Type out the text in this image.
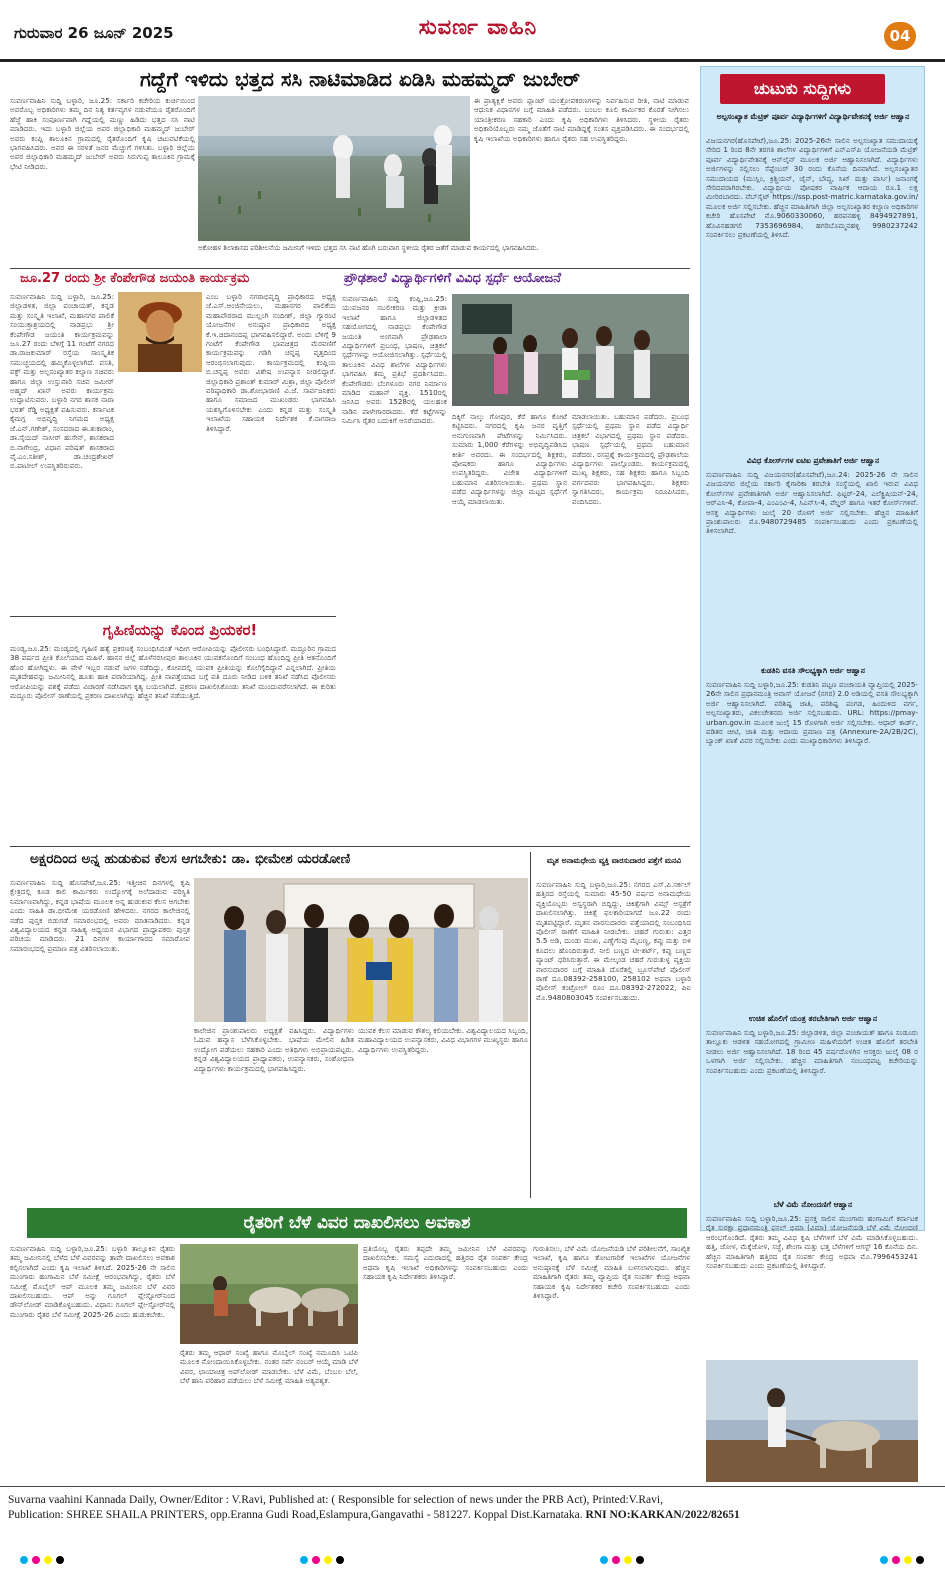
ಗುರುವಾರ 26 ಜೂನ್ 2025	ಸುವರ್ಣ ವಾಹಿನಿ	04
ಗದ್ದೆಗೆ ಇಳಿದು ಭತ್ತದ ಸಸಿ ನಾಟಿಮಾಡಿದ ಏಡಿಸಿ ಮಹಮ್ಮದ್ ಜುಬೇರ್
ಸುವರ್ಣವಾಹಿನಿ ಸುದ್ದಿ ಬಳ್ಳಾರಿ, ಜೂ.25: ಸರ್ಕಾರಿ ಕಚೇರಿಯ ಕುರ್ಚಿಯಿಂದ ಅವರೊಬ್ಬ ಅಧಿಕಾರಿಗಳು ತಮ್ಮ ದಿನ ನಿತ್ಯ ಕರ್ತವ್ಯಗಳ ನಡುವೆಯೂ ರೈತರೊಂದಿಗೆ ಹೆಜ್ಜೆ ಹಾಕಿ ಸಂಪೂರ್ಣವಾಗಿ ಗದ್ದೆಯಲ್ಲಿ ಮಣ್ಣು ಹಿಡಿದು ಭತ್ತದ ಸಸಿ ನಾಟಿ ಮಾಡಿದರು. ಇದು ಬಳ್ಳಾರಿ ಜಿಲ್ಲೆಯ ಅಪರ ಜಿಲ್ಲಾಧಿಕಾರಿ ಮಹಮ್ಮದ್ ಜುಬೇರ್ ಅವರು ಕಂಪ್ಲಿ ತಾಲೂಕಿನ ಗ್ರಾಮದಲ್ಲಿ ರೈತರೊಂದಿಗೆ ಕೃಷಿ ಚಟುವಟಿಕೆಯಲ್ಲಿ ಭಾಗವಹಿಸಿದರು. ಅವರ ಈ ಸರಳತೆ ಜನರ ಮೆಚ್ಚುಗೆ ಗಳಿಸಿತು. ಬಳ್ಳಾರಿ ಜಿಲ್ಲೆಯ ಅಪರ ಜಿಲ್ಲಾಧಿಕಾರಿ ಮಹಮ್ಮದ್ ಜುಬೇರ್ ಅವರು ಸಿರುಗುಪ್ಪ ತಾಲೂಕಿನ ಗ್ರಾಮಕ್ಕೆ ಭೇಟಿ ನೀಡಿದರು.
ಈ ಪ್ರಾತ್ಯಕ್ಷಿಕೆ ಅವರು ಪ್ಲಾಂಟ್ ಯಂತ್ರೋಪಕರಣಗಳನ್ನು ನಿರ್ವಹಿಸುವ ರೀತಿ, ನಾಟಿ ಮಾಡುವ ಆಧುನಿಕ ವಿಧಾನಗಳ ಬಗ್ಗೆ ಮಾಹಿತಿ ಪಡೆದರು. ಬಂಬಲ ಕೂಲಿ ಕಾರ್ಮಿಕರ ಕೊರತೆ ನೀಗಿಸಲು ಯಾಂತ್ರೀಕರಣ ಸಹಕಾರಿ ಎಂದು ಕೃಷಿ ಅಧಿಕಾರಿಗಳು ತಿಳಿಸಿದರು. ಸ್ಥಳೀಯ ರೈತರು ಅಧಿಕಾರಿಯೊಬ್ಬರು ನಮ್ಮ ಜೊತೆಗೆ ನಾಟಿ ಮಾಡಿದ್ದಕ್ಕೆ ಸಂತಸ ವ್ಯಕ್ತಪಡಿಸಿದರು. ಈ ಸಂದರ್ಭದಲ್ಲಿ ಕೃಷಿ ಇಲಾಖೆಯ ಅಧಿಕಾರಿಗಳು ಹಾಗೂ ರೈತರು ಸಹ ಉಪಸ್ಥಿತರಿದ್ದರು.
ಅಕೋಹಳ ಶಿಲಾಕಾಸದ ಪರಿಶೀಲನೆಯ ಜಮೀನಿಗೆ ಇಳಿದು ಭತ್ತದ ಸಸಿ ನಾಟಿ ಹೊಗಿ ಬರುವಾಗ ಸ್ಥಳೀಯ ರೈತರ ಜತೆಗೆ ಮಾಡುವ ಕಾರ್ಯದಲ್ಲಿ ಭಾಗವಹಿಸಿದರು.
ಜೂ.27 ರಂದು ಶ್ರೀ ಕೆಂಪೇಗೌಡ ಜಯಂತಿ ಕಾರ್ಯಕ್ರಮ
ಸುವರ್ಣವಾಹಿನಿ ಸುದ್ದಿ ಬಳ್ಳಾರಿ, ಜೂ.25: ಜಿಲ್ಲಾಡಳಿತ, ಜಿಲ್ಲಾ ಪಂಚಾಯತ್, ಕನ್ನಡ ಮತ್ತು ಸಂಸ್ಕೃತಿ ಇಲಾಖೆ, ಮಹಾನಗರ ಪಾಲಿಕೆ ಸಂಯುಕ್ತಾಶ್ರಯದಲ್ಲಿ ನಾಡಪ್ರಭು ಶ್ರೀ ಕೆಂಪೇಗೌಡ ಜಯಂತಿ ಕಾರ್ಯಕ್ರಮವನ್ನು ಜೂ.27 ರಂದು ಬೆಳಿಗ್ಗೆ 11 ಗಂಟೆಗೆ ನಗರದ ಡಾ.ರಾಜಕುಮಾರ್ ರಸ್ತೆಯ ಸಾಂಸ್ಕೃತಿಕ ಸಮುಚ್ಚಯದಲ್ಲಿ ಹಮ್ಮಿಕೊಳ್ಳಲಾಗಿದೆ. ವಸತಿ, ವಕ್ಫ್ ಮತ್ತು ಅಲ್ಪಸಂಖ್ಯಾತರ ಕಲ್ಯಾಣ ಸಚಿವರು ಹಾಗೂ ಜಿಲ್ಲಾ ಉಸ್ತುವಾರಿ ಸಚಿವ ಜಮೀರ್ ಅಹ್ಮದ್ ಖಾನ್ ಅವರು ಕಾರ್ಯಕ್ರಮ ಉದ್ಘಾಟಿಸುವರು. ಬಳ್ಳಾರಿ ನಗರ ಶಾಸಕ ನಾರಾ ಭರತ್ ರೆಡ್ಡಿ ಅಧ್ಯಕ್ಷತೆ ವಹಿಸುವರು. ಕರ್ನಾಟಕ ಕೈಮಗ್ಗ ಅಭಿವೃದ್ಧಿ ನಿಗಮದ ಅಧ್ಯಕ್ಷ ಜೆ.ಎನ್.ಗಣೇಶ್, ಸಂಸದರಾದ ಈ.ತುಕಾರಾಂ, ಡಾ.ಸೈಯದ್ ನಾಸೀರ್ ಹುಸೇನ್, ಶಾಸಕರಾದ ಬಿ.ನಾಗೇಂದ್ರ, ವಿಧಾನ ಪರಿಷತ್ ಶಾಸಕರಾದ ವೈ.ಎಂ.ಸತೀಶ್, ಡಾ.ಚಂದ್ರಶೇಖರ್ ಬಿ.ಪಾಟೀಲ್ ಉಪಸ್ಥಿತರಿರುವರು.
ಎಂಬ ಬಳ್ಳಾರಿ ನಗರಾಭಿವೃದ್ಧಿ ಪ್ರಾಧಿಕಾರದ ಅಧ್ಯಕ್ಷ ಜೆ.ಎಸ್.ಆಂಜಿನೇಯಲು, ಮಹಾನಗರ ಪಾಲಿಕೆಯ ಮಹಾಪೌರರಾದ ಮುಲ್ಲಂಗಿ ನಂದೀಶ್, ಜಿಲ್ಲಾ ಗ್ಯಾರಂಟಿ ಯೋಜನೆಗಳ ಅನುಷ್ಠಾನ ಪ್ರಾಧಿಕಾರದ ಅಧ್ಯಕ್ಷ ಕೆ.ಇ.ಚಿದಾನಂದಪ್ಪ ಭಾಗವಹಿಸಲಿದ್ದಾರೆ. ಅಂದು ಬೆಳಿಗ್ಗೆ 9 ಗಂಟೆಗೆ ಕೆಂಪೇಗೌಡ ಭಾವಚಿತ್ರದ ಮೆರವಣಿಗೆ ಕಾರ್ಯಕ್ರಮವನ್ನು ಗಡಿಗಿ ಚನ್ನಪ್ಪ ವೃತ್ತದಿಂದ ಆರಂಭಿಸಲಾಗುವುದು. ಕಾರ್ಯಕ್ರಮದಲ್ಲಿ ಕಂಪ್ಲಿಯ ಬಿ.ಚನ್ನಪ್ಪ ಅವರು ವಿಶೇಷ ಉಪನ್ಯಾಸ ನೀಡಲಿದ್ದಾರೆ. ಜಿಲ್ಲಾಧಿಕಾರಿ ಪ್ರಶಾಂತ್ ಕುಮಾರ್ ಮಿಶ್ರಾ, ಜಿಲ್ಲಾ ಪೊಲೀಸ್ ವರಿಷ್ಠಾಧಿಕಾರಿ ಡಾ.ಶೋಭಾರಾಣಿ ವಿ.ಜೆ. ಸಾರ್ವಜನಿಕರು ಹಾಗೂ ಸಮಾಜದ ಮುಖಂಡರು ಭಾಗವಹಿಸಿ ಯಶಸ್ವಿಗೊಳಿಸಬೇಕು ಎಂದು ಕನ್ನಡ ಮತ್ತು ಸಂಸ್ಕೃತಿ ಇಲಾಖೆಯ ಸಹಾಯಕ ನಿರ್ದೇಶಕ ಕೆ.ನಾಗರಾಜ ತಿಳಿಸಿದ್ದಾರೆ.
ಗೃಹಿಣಿಯನ್ನು ಕೊಂದ ಪ್ರಿಯಕರ!
ಮಂಡ್ಯ,ಜೂ.25: ಮಂಡ್ಯದಲ್ಲಿ ಗೃಹಿಣಿ ಹತ್ಯೆ ಪ್ರಕರಣಕ್ಕೆ ಸಂಬಂಧಿಸಿದಂತೆ ಇದೀಗ ಆರೋಪಿಯನ್ನು ಪೊಲೀಸರು ಬಂಧಿಸಿದ್ದಾರೆ. ಮದ್ದೂರಿನ ಗ್ರಾಮದ 38 ವರ್ಷದ ಪ್ರೀತಿ ಕೊಲೆಯಾದ ಮಹಿಳೆ. ಹಾಸನ ಜಿಲ್ಲೆ ಹೊಳೆನರಸೀಪುರ ತಾಲೂಕಿನ ಯುವಕನೊಂದಿಗೆ ಸಂಬಂಧ ಹೊಂದಿದ್ದ ಪ್ರೀತಿ ಆತನೊಂದಿಗೆ ಹೊರ ಹೋಗಿದ್ದಳು. ಈ ವೇಳೆ ಇಬ್ಬರ ನಡುವೆ ಜಗಳ ನಡೆದಿದ್ದು, ಕೋಪದಲ್ಲಿ ಯುವಕ ಪ್ರೀತಿಯನ್ನು ಕೊಲೆಗೈದಿದ್ದಾನೆ ಎನ್ನಲಾಗಿದೆ. ಪ್ರೀತಿಯ ಮೃತದೇಹವನ್ನು ಜಮೀನಿನಲ್ಲಿ ಹೂತು ಹಾಕಿ ಪರಾರಿಯಾಗಿದ್ದ. ಪ್ರೀತಿ ನಾಪತ್ತೆಯಾದ ಬಗ್ಗೆ ಪತಿ ದೂರು ನೀಡಿದ ಬಳಿಕ ತನಿಖೆ ನಡೆಸಿದ ಪೊಲೀಸರು ಆರೋಪಿಯನ್ನು ವಶಕ್ಕೆ ಪಡೆದು ವಿಚಾರಣೆ ನಡೆಸಿದಾಗ ಕೃತ್ಯ ಬಯಲಾಗಿದೆ. ಪ್ರಕರಣ ದಾಖಲಿಸಿಕೊಂಡು ತನಿಖೆ ಮುಂದುವರೆಸಲಾಗಿದೆ. ಈ ಕುರಿತು ಮದ್ದೂರು ಪೊಲೀಸ್ ಠಾಣೆಯಲ್ಲಿ ಪ್ರಕರಣ ದಾಖಲಾಗಿದ್ದು ಹೆಚ್ಚಿನ ತನಿಖೆ ನಡೆಯುತ್ತಿದೆ.
ಪ್ರೌಢಶಾಲೆ ವಿದ್ಯಾರ್ಥಿಗಳಿಗೆ ವಿವಿಧ ಸ್ಪರ್ಧೆ ಆಯೋಜನೆ
ಸುವರ್ಣವಾಹಿನಿ ಸುದ್ದಿ ಕಂಪ್ಲಿ,ಜೂ.25: ಯುವಜನರ ಸಬಲೀಕರಣ ಮತ್ತು ಕ್ರೀಡಾ ಇಲಾಖೆ ಹಾಗೂ ಜಿಲ್ಲಾಡಳಿತದ ಸಹಯೋಗದಲ್ಲಿ ನಾಡಪ್ರಭು ಕೆಂಪೇಗೌಡ ಜಯಂತಿ ಅಂಗವಾಗಿ ಪ್ರೌಢಶಾಲಾ ವಿದ್ಯಾರ್ಥಿಗಳಿಗೆ ಪ್ರಬಂಧ, ಭಾಷಣ, ಚಿತ್ರಕಲೆ ಸ್ಪರ್ಧೆಗಳನ್ನು ಆಯೋಜಿಸಲಾಗಿತ್ತು. ಸ್ಪರ್ಧೆಯಲ್ಲಿ ತಾಲೂಕಿನ ವಿವಿಧ ಶಾಲೆಗಳ ವಿದ್ಯಾರ್ಥಿಗಳು ಭಾಗವಹಿಸಿ ತಮ್ಮ ಪ್ರತಿಭೆ ಪ್ರದರ್ಶಿಸಿದರು. ಕೆಂಪೇಗೌಡರು ಬೆಂಗಳೂರು ನಗರ ನಿರ್ಮಾಣ ಮಾಡಿದ ಮಹಾನ್ ವ್ಯಕ್ತಿ. 1510ರಲ್ಲಿ ಜನಿಸಿದ ಅವರು 1528ರಲ್ಲಿ ಯಲಹಂಕ ನಾಡಿನ ಪಾಳೇಗಾರರಾದರು. ಕೆರೆ ಕಟ್ಟೆಗಳನ್ನು ನಿರ್ಮಿಸಿ ರೈತರ ಬದುಕಿಗೆ ಆಸರೆಯಾದರು.	ದಿಕ್ಕಿಗೆ ನಾಲ್ಕು ಗೋಪುರ, ಕೆರೆ ಹಾಗೂ ಕೋಟೆ ಕಟ್ಟಿಸಿದರು. ನಗರದಲ್ಲಿ ಕೃಷಿ ಜನರ ವೃತ್ತಿಗೆ ಅನುಗುಣವಾಗಿ ಪೇಟೆಗಳನ್ನು ನಿರ್ಮಿಸಿದರು. ಸುಮಾರು 1,000 ಕೆರೆಗಳನ್ನು ಅಭಿವೃದ್ಧಿಪಡಿಸಿದ ಕೀರ್ತಿ ಅವರದು. ಈ ಸಂದರ್ಭದಲ್ಲಿ ಶಿಕ್ಷಕರು, ಪೋಷಕರು ಹಾಗೂ ವಿದ್ಯಾರ್ಥಿಗಳು ಉಪಸ್ಥಿತರಿದ್ದರು. ವಿಜೇತ ವಿದ್ಯಾರ್ಥಿಗಳಿಗೆ ಬಹುಮಾನ ವಿತರಿಸಲಾಯಿತು. ಪ್ರಥಮ ಸ್ಥಾನ ಪಡೆದ ವಿದ್ಯಾರ್ಥಿಗಳನ್ನು ಜಿಲ್ಲಾ ಮಟ್ಟದ ಸ್ಪರ್ಧೆಗೆ ಆಯ್ಕೆ ಮಾಡಲಾಯಿತು.
ಮಾಡಲಾಯಿತು. ಬಹುಮಾನ ಪಡೆದರು. ಪ್ರಬಂಧ ಸ್ಪರ್ಧೆಯಲ್ಲಿ ಪ್ರಥಮ ಸ್ಥಾನ ಪಡೆದ ವಿದ್ಯಾರ್ಥಿ ಚಿತ್ರಕಲೆ ವಿಭಾಗದಲ್ಲಿ ಪ್ರಥಮ ಸ್ಥಾನ ಪಡೆದರು. ಭಾಷಣ ಸ್ಪರ್ಧೆಯಲ್ಲಿ ಪ್ರಥಮ ಬಹುಮಾನ ಪಡೆದರು. ರಸಪ್ರಶ್ನೆ ಕಾರ್ಯಕ್ರಮದಲ್ಲಿ ಪ್ರೌಢಶಾಲೆಯ ವಿದ್ಯಾರ್ಥಿಗಳು ಪಾಲ್ಗೊಂಡರು. ಕಾರ್ಯಕ್ರಮದಲ್ಲಿ ಮುಖ್ಯ ಶಿಕ್ಷಕರು, ಸಹ ಶಿಕ್ಷಕರು ಹಾಗೂ ಸಿಬ್ಬಂದಿ ವರ್ಗದವರು ಭಾಗವಹಿಸಿದ್ದರು. ಶಿಕ್ಷಕರು ಸ್ವಾಗತಿಸಿದರು, ಕಾರ್ಯಕ್ರಮ ನಿರೂಪಿಸಿದರು, ವಂದಿಸಿದರು.
ಅಕ್ಷರದಿಂದ ಅನ್ನ ಹುಡುಕುವ ಕೆಲಸ ಆಗಬೇಕು: ಡಾ. ಭೀಮೇಶ ಯರಡೋಣಿ
ಸುವರ್ಣವಾಹಿನಿ ಸುದ್ದಿ ಹೊಸಪೇಟೆ,ಜೂ.25: ಇತ್ತೀಚಿನ ದಿನಗಳಲ್ಲಿ ಕೃಷಿ ಕ್ಷೇತ್ರದಲ್ಲಿ ಕೂಡ ಕಾಲಿ ಕಾರ್ಮಿಕರು ಉದ್ಯೋಗಕ್ಕೆ ಅಲೆದಾಡುವ ಪರಿಸ್ಥಿತಿ ನಿರ್ಮಾಣವಾಗಿದ್ದು, ಕನ್ನಡ ಭಾಷೆಯ ಮೂಲಕ ಅನ್ನ ಹುಡುಕುವ ಕೆಲಸ ಆಗಬೇಕು ಎಂದು ಸಾಹಿತಿ ಡಾ.ಭೀಮೇಶ ಯರಡೋಣಿ ಹೇಳಿದರು. ನಗರದ ಕಾಲೇಜಿನಲ್ಲಿ ನಡೆದ ಪುಸ್ತಕ ಬಿಡುಗಡೆ ಸಮಾರಂಭದಲ್ಲಿ ಅವರು ಮಾತನಾಡಿದರು. ಕನ್ನಡ ವಿಶ್ವವಿದ್ಯಾಲಯದ ಕನ್ನಡ ಸಾಹಿತ್ಯ ಅಧ್ಯಯನ ವಿಭಾಗದ ಪ್ರಾಧ್ಯಾಪಕರು ಪುಸ್ತಕ ಪರಿಚಯ ಮಾಡಿದರು. 21 ದಿನಗಳ ಕಾರ್ಯಾಗಾರದ ಸಮಾರೋಪ ಸಮಾರಂಭದಲ್ಲಿ ಪ್ರಮಾಣ ಪತ್ರ ವಿತರಿಸಲಾಯಿತು.
ಕಾಲೇಜಿನ ಪ್ರಾಂಶುಪಾಲರು ಅಧ್ಯಕ್ಷತೆ ವಹಿಸಿದ್ದರು. ವಿದ್ಯಾರ್ಥಿಗಳು ಓದುವ ಹವ್ಯಾಸ ಬೆಳೆಸಿಕೊಳ್ಳಬೇಕು. ಭಾಷೆಯ ಮೇಲಿನ ಹಿಡಿತ ಉದ್ಯೋಗ ಪಡೆಯಲು ಸಹಕಾರಿ ಎಂದು ಅತಿಥಿಗಳು ಅಭಿಪ್ರಾಯಪಟ್ಟರು. ಕನ್ನಡ ವಿಶ್ವವಿದ್ಯಾಲಯದ ಪ್ರಾಧ್ಯಾಪಕರು, ಉಪನ್ಯಾಸಕರು, ಸಂಶೋಧನಾ ವಿದ್ಯಾರ್ಥಿಗಳು ಕಾರ್ಯಕ್ರಮದಲ್ಲಿ ಭಾಗವಹಿಸಿದ್ದರು.
ಯುವಕ ಕೆಲಸ ಮಾಡುವ ಕೌಶಲ್ಯ ಕಲಿಯಬೇಕು. ವಿಶ್ವವಿದ್ಯಾಲಯದ ಸಿಬ್ಬಂದಿ, ಮಹಾವಿದ್ಯಾಲಯದ ಉಪನ್ಯಾಸಕರು, ವಿವಿಧ ವಿಭಾಗಗಳ ಮುಖ್ಯಸ್ಥರು ಹಾಗೂ ವಿದ್ಯಾರ್ಥಿಗಳು ಉಪಸ್ಥಿತರಿದ್ದರು.
ಮೃತ ಅನಾಮಧೇಯ ವ್ಯಕ್ತಿ ವಾರಸುದಾರರ ಪತ್ತೆಗೆ ಮನವಿ
ಸುವರ್ಣವಾಹಿನಿ ಸುದ್ದಿ ಬಳ್ಳಾರಿ,ಜೂ.25: ನಗರದ ಎಸ್.ಪಿ.ಸರ್ಕಲ್ ಹತ್ತಿರದ ರಸ್ತೆಯಲ್ಲಿ ಸುಮಾರು 45-50 ವರ್ಷದ ಅನಾಮಧೇಯ ವ್ಯಕ್ತಿಯೊಬ್ಬರು ಅಸ್ವಸ್ಥರಾಗಿ ಬಿದ್ದಿದ್ದು, ಚಿಕಿತ್ಸೆಗಾಗಿ ವಿಮ್ಸ್ ಆಸ್ಪತ್ರೆಗೆ ದಾಖಲಿಸಲಾಗಿತ್ತು. ಚಿಕಿತ್ಸೆ ಫಲಕಾರಿಯಾಗದೆ ಜೂ.22 ರಂದು ಮೃತಪಟ್ಟಿದ್ದಾರೆ. ಮೃತನ ವಾರಸುದಾರರು ಪತ್ತೆಯಾದಲ್ಲಿ ಸಂಬಂಧಿಸಿದ ಪೊಲೀಸ್ ಠಾಣೆಗೆ ಮಾಹಿತಿ ನೀಡಬೇಕು. ಚಹರೆ ಗುರುತು: ಎತ್ತರ 5.5 ಅಡಿ, ದುಂಡು ಮುಖ, ಎಣ್ಣೆಗೆಂಪು ಮೈಬಣ್ಣ, ಕಪ್ಪು ಮತ್ತು ಬಿಳಿ ಕೂದಲು ಹೊಂದಿರುತ್ತಾರೆ. ನೀಲಿ ಬಣ್ಣದ ಟೀ-ಶರ್ಟ್, ಕಪ್ಪು ಬಣ್ಣದ ಪ್ಯಾಂಟ್ ಧರಿಸಿರುತ್ತಾರೆ. ಈ ಮೇಲ್ಕಂಡ ಚಹರೆ ಗುರುತುಳ್ಳ ವ್ಯಕ್ತಿಯ ವಾರಸುದಾರರ ಬಗ್ಗೆ ಮಾಹಿತಿ ದೊರೆತಲ್ಲಿ ಬ್ರೂಸ್‌ಪೇಟೆ ಪೊಲೀಸ್ ಠಾಣೆ ದೂ.08392-258100, 258102 ಅಥವಾ ಬಳ್ಳಾರಿ ಪೊಲೀಸ್ ಕಂಟ್ರೋಲ್ ರೂಂ ದೂ.08392-272022, ಪಿಐ ಮೊ.9480803045 ಸಂಪರ್ಕಿಸಬಹುದು.
ರೈತರಿಗೆ ಬೆಳೆ ವಿವರ ದಾಖಲಿಸಲು ಅವಕಾಶ
ಸುವರ್ಣವಾಹಿನಿ ಸುದ್ದಿ ಬಳ್ಳಾರಿ,ಜೂ.25: ಬಳ್ಳಾರಿ ತಾಲ್ಲೂಕಿನ ರೈತರು ತಮ್ಮ ಜಮೀನಿನಲ್ಲಿ ಬೆಳೆದ ಬೆಳೆ ವಿವರವನ್ನು ತಾವೇ ದಾಖಲಿಸಲು ಅವಕಾಶ ಕಲ್ಪಿಸಲಾಗಿದೆ ಎಂದು ಕೃಷಿ ಇಲಾಖೆ ತಿಳಿಸಿದೆ. 2025-26 ನೇ ಸಾಲಿನ ಮುಂಗಾರು ಹಂಗಾಮಿನ ಬೆಳೆ ಸಮೀಕ್ಷೆ ಆರಂಭವಾಗಿದ್ದು, ರೈತರು ಬೆಳೆ ಸಮೀಕ್ಷೆ ಮೊಬೈಲ್ ಆಪ್ ಮೂಲಕ ತಮ್ಮ ಜಮೀನಿನ ಬೆಳೆ ವಿವರ ದಾಖಲಿಸಬಹುದು. ಆಪ್ ಅನ್ನು ಗೂಗಲ್ ಪ್ಲೇಸ್ಟೋರ್‌ನಿಂದ ಡೌನ್‌ಲೋಡ್ ಮಾಡಿಕೊಳ್ಳಬಹುದು. ವಿಧಾನ: ಗೂಗಲ್ ಪ್ಲೇ-ಸ್ಟೋರ್‌ನಲ್ಲಿ ಮುಂಗಾರು ರೈತರ ಬೆಳೆ ಸಮೀಕ್ಷೆ 2025-26 ಎಂದು ಹುಡುಕಬೇಕು.
ರೈತರು ತಮ್ಮ ಆಧಾರ್ ಸಂಖ್ಯೆ ಹಾಗೂ ಮೊಬೈಲ್ ಸಂಖ್ಯೆ ನಮೂದಿಸಿ ಒಟಿಪಿ ಮೂಲಕ ನೋಂದಾಯಿಸಿಕೊಳ್ಳಬೇಕು. ನಂತರ ಸರ್ವೆ ನಂಬರ್ ಆಯ್ಕೆ ಮಾಡಿ ಬೆಳೆ ವಿವರ, ಛಾಯಾಚಿತ್ರ ಅಪ್‌ಲೋಡ್ ಮಾಡಬೇಕು. ಬೆಳೆ ವಿಮೆ, ಬೆಂಬಲ ಬೆಲೆ, ಬೆಳೆ ಹಾನಿ ಪರಿಹಾರ ಪಡೆಯಲು ಬೆಳೆ ಸಮೀಕ್ಷೆ ಮಾಹಿತಿ ಅತ್ಯವಶ್ಯಕ.
ಪ್ರತಿಯೊಬ್ಬ ರೈತರು ತಪ್ಪದೇ ತಮ್ಮ ಜಮೀನಿನ ಬೆಳೆ ವಿವರವನ್ನು ದಾಖಲಿಸಬೇಕು. ಸಮಸ್ಯೆ ಎದುರಾದಲ್ಲಿ ಹತ್ತಿರದ ರೈತ ಸಂಪರ್ಕ ಕೇಂದ್ರ ಅಥವಾ ಕೃಷಿ ಇಲಾಖೆ ಅಧಿಕಾರಿಗಳನ್ನು ಸಂಪರ್ಕಿಸಬಹುದು ಎಂದು ಸಹಾಯಕ ಕೃಷಿ ನಿರ್ದೇಶಕರು ತಿಳಿಸಿದ್ದಾರೆ.
ಗುರುತಿಸಲು, ಬೆಳೆ ವಿಮೆ ಯೋಜನೆಯಡಿ ಬೆಳೆ ಪರಿಶೀಲನೆಗೆ, ಸಾಂಖ್ಯಿಕ ಇಲಾಖೆ, ಕೃಷಿ ಹಾಗೂ ತೋಟಗಾರಿಕೆ ಇಲಾಖೆಗಳ ಯೋಜನೆಗಳ ಅನುಷ್ಠಾನಕ್ಕೆ ಬೆಳೆ ಸಮೀಕ್ಷೆ ಮಾಹಿತಿ ಬಳಸಲಾಗುವುದು. ಹೆಚ್ಚಿನ ಮಾಹಿತಿಗಾಗಿ ರೈತರು ತಮ್ಮ ವ್ಯಾಪ್ತಿಯ ರೈತ ಸಂಪರ್ಕ ಕೇಂದ್ರ ಅಥವಾ ಸಹಾಯಕ ಕೃಷಿ ನಿರ್ದೇಶಕರ ಕಚೇರಿ ಸಂಪರ್ಕಿಸಬಹುದು ಎಂದು ತಿಳಿಸಿದ್ದಾರೆ.
ಚುಟುಕು ಸುದ್ದಿಗಳು
ಅಲ್ಪಸಂಖ್ಯಾತ ಮೆಟ್ರಿಕ್ ಪೂರ್ವ ವಿದ್ಯಾರ್ಥಿಗಳಿಗೆ ವಿದ್ಯಾರ್ಥಿವೇತನಕ್ಕೆ ಅರ್ಜಿ ಆಹ್ವಾನ
ವಿಜಯನಗರ(ಹೊಸಪೇಟೆ),ಜೂ.25: 2025-26ನೇ ಸಾಲಿನ ಅಲ್ಪಸಂಖ್ಯಾತ ಸಮುದಾಯಕ್ಕೆ ಸೇರಿದ 1 ರಿಂದ 8ನೇ ತರಗತಿ ಶಾಲೆಗಳ ವಿದ್ಯಾರ್ಥಿಗಳಿಗೆ ಎನ್‌ಎಸ್‌ಪಿ ಯೋಜನೆಯಡಿ ಮೆಟ್ರಿಕ್ ಪೂರ್ವ ವಿದ್ಯಾರ್ಥಿವೇತನಕ್ಕೆ ಆನ್‌ಲೈನ್ ಮೂಲಕ ಅರ್ಜಿ ಆಹ್ವಾನಿಸಲಾಗಿದೆ. ವಿದ್ಯಾರ್ಥಿಗಳು ಅರ್ಜಿಗಳನ್ನು ಸಲ್ಲಿಸಲು ಸೆಪ್ಟೆಂಬರ್ 30 ರಂದು ಕೊನೆಯ ದಿನವಾಗಿದೆ. ಅಲ್ಪಸಂಖ್ಯಾತರ ಸಮುದಾಯದ (ಮುಸ್ಲಿಂ, ಕ್ರಿಶ್ಚಿಯನ್, ಜೈನ್, ಬೌದ್ಧ, ಸಿಖ್ ಮತ್ತು ಪಾರ್ಸಿ) ಜನಾಂಗಕ್ಕೆ ಸೇರಿದವರಾಗಿರಬೇಕು. ವಿದ್ಯಾರ್ಥಿಯ ಪೋಷಕರ ವಾರ್ಷಿಕ ಆದಾಯ ರೂ.1 ಲಕ್ಷ ಮೀರಿರಬಾರದು. ವೆಬ್‌ಸೈಟ್ https://ssp.post-matric.karnataka.gov.in/ ಮೂಲಕ ಅರ್ಜಿ ಸಲ್ಲಿಸಬೇಕು. ಹೆಚ್ಚಿನ ಮಾಹಿತಿಗಾಗಿ ಜಿಲ್ಲಾ ಅಲ್ಪಸಂಖ್ಯಾತರ ಕಲ್ಯಾಣ ಅಧಿಕಾರಿಗಳ ಕಚೇರಿ ಹೊಸಪೇಟೆ ಮೊ.9060330060, ಹರಪನಹಳ್ಳಿ 8494927891, ಹೊವಿನಹಡಗಲಿ 7353696984, ಹಗರಿಬೊಮ್ಮನಹಳ್ಳಿ 9980237242 ಸಂಪರ್ಕಿಸಲು ಪ್ರಕಟಣೆಯಲ್ಲಿ ತಿಳಿಸಿದೆ.
ವಿವಿಧ ಕೋರ್ಸ್‌ಗಳ ಐಟಿಐ ಪ್ರವೇಶಾತಿಗೆ ಅರ್ಜಿ ಆಹ್ವಾನ
ಸುವರ್ಣವಾಹಿನಿ ಸುದ್ದಿ ವಿಜಯನಗರ(ಹೊಸಪೇಟೆ),ಜೂ.24: 2025-26 ನೇ ಸಾಲಿನ ವಿಜಯನಗರ ಜಿಲ್ಲೆಯ ಸರ್ಕಾರಿ ಕೈಗಾರಿಕಾ ತರಬೇತಿ ಸಂಸ್ಥೆಯಲ್ಲಿ ಖಾಲಿ ಇರುವ ವಿವಿಧ ಕೋರ್ಸ್‌ಗಳ ಪ್ರವೇಶಾತಿಗಾಗಿ ಅರ್ಜಿ ಆಹ್ವಾನಿಸಲಾಗಿದೆ. ಫಿಟ್ಟರ್-24, ಎಲೆಕ್ಟ್ರಿಷಿಯನ್-24, ಆರ್‌ಎಸಿ-4, ಕೋಪಾ-4, ಎಂಎಂವಿ-4, ಸಿಎನ್‌ಸಿ-4, ವೆಲ್ಡರ್ ಹಾಗೂ ಇತರೆ ಕೋರ್ಸ್‌ಗಳಿವೆ. ಆಸಕ್ತ ವಿದ್ಯಾರ್ಥಿಗಳು ಜುಲೈ 20 ರೊಳಗೆ ಅರ್ಜಿ ಸಲ್ಲಿಸಬೇಕು. ಹೆಚ್ಚಿನ ಮಾಹಿತಿಗೆ ಪ್ರಾಂಶುಪಾಲರು ಮೊ.9480729485 ಸಂಪರ್ಕಿಸಬಹುದು ಎಂದು ಪ್ರಕಟಣೆಯಲ್ಲಿ ತಿಳಿಸಲಾಗಿದೆ.
ಕುಡತಿನಿ ವಸತಿ ಸೌಲಭ್ಯಕ್ಕಾಗಿ ಅರ್ಜಿ ಆಹ್ವಾನ
ಸುವರ್ಣವಾಹಿನಿ ಸುದ್ದಿ ಬಳ್ಳಾರಿ,ಜೂ.25: ಕುಡತಿನಿ ಪಟ್ಟಣ ಪಂಚಾಯತಿ ವ್ಯಾಪ್ತಿಯಲ್ಲಿ 2025-26ನೇ ಸಾಲಿನ ಪ್ರಧಾನಮಂತ್ರಿ ಆವಾಸ್ ಯೋಜನೆ (ನಗರ) 2.0 ಅಡಿಯಲ್ಲಿ ವಸತಿ ಸೌಲಭ್ಯಕ್ಕಾಗಿ ಅರ್ಜಿ ಆಹ್ವಾನಿಸಲಾಗಿದೆ. ಪರಿಶಿಷ್ಟ ಜಾತಿ, ಪರಿಶಿಷ್ಟ ಪಂಗಡ, ಹಿಂದುಳಿದ ವರ್ಗ, ಅಲ್ಪಸಂಖ್ಯಾತರು, ವಿಕಲಚೇತನರು ಅರ್ಜಿ ಸಲ್ಲಿಸಬಹುದು. URL: https://pmay-urban.gov.in ಮೂಲಕ ಜುಲೈ 15 ರೊಳಗಾಗಿ ಅರ್ಜಿ ಸಲ್ಲಿಸಬೇಕು. ಆಧಾರ್ ಕಾರ್ಡ್, ಪಡಿತರ ಚೀಟಿ, ಜಾತಿ ಮತ್ತು ಆದಾಯ ಪ್ರಮಾಣ ಪತ್ರ (Annexure-2A/2B/2C), ಬ್ಯಾಂಕ್ ಖಾತೆ ವಿವರ ಸಲ್ಲಿಸಬೇಕು ಎಂದು ಮುಖ್ಯಾಧಿಕಾರಿಗಳು ತಿಳಿಸಿದ್ದಾರೆ.
ಉಚಿತ ಹೊಲಿಗೆ ಯಂತ್ರ ತರಬೇತಿಗಾಗಿ ಅರ್ಜಿ ಆಹ್ವಾನ
ಸುವರ್ಣವಾಹಿನಿ ಸುದ್ದಿ ಬಳ್ಳಾರಿ,ಜೂ.25: ಜಿಲ್ಲಾಡಳಿತ, ಜಿಲ್ಲಾ ಪಂಚಾಯತ್ ಹಾಗೂ ಸಂಡೂರು ತಾಲ್ಲೂಕು ಆಡಳಿತ ಸಹಯೋಗದಲ್ಲಿ ಗ್ರಾಮೀಣ ಮಹಿಳೆಯರಿಗೆ ಉಚಿತ ಹೊಲಿಗೆ ತರಬೇತಿ ನೀಡಲು ಅರ್ಜಿ ಆಹ್ವಾನಿಸಲಾಗಿದೆ. 18 ರಿಂದ 45 ವರ್ಷದೊಳಗಿನ ಆಸಕ್ತರು ಜುಲೈ 08 ರ ಒಳಗಾಗಿ ಅರ್ಜಿ ಸಲ್ಲಿಸಬೇಕು. ಹೆಚ್ಚಿನ ಮಾಹಿತಿಗಾಗಿ ಸಂಬಂಧಪಟ್ಟ ಕಚೇರಿಯನ್ನು ಸಂಪರ್ಕಿಸಬಹುದು ಎಂದು ಪ್ರಕಟಣೆಯಲ್ಲಿ ತಿಳಿಸಿದ್ದಾರೆ.
ಬೆಳೆ ವಿಮೆ ನೋಂದಣಿಗೆ ಆಹ್ವಾನ
ಸುವರ್ಣವಾಹಿನಿ ಸುದ್ದಿ ಬಳ್ಳಾರಿ,ಜೂ.25: ಪ್ರಸಕ್ತ ಸಾಲಿನ ಮುಂಗಾರು ಹಂಗಾಮಿಗೆ ಕರ್ನಾಟಕ ರೈತ ಸುರಕ್ಷಾ ಪ್ರಧಾನಮಂತ್ರಿ ಫಸಲ್ ಭಿಮಾ (ವಿಮಾ) ಯೋಜನೆಯಡಿ ಬೆಳೆ ವಿಮೆ ನೋಂದಣಿ ಆರಂಭಗೊಂಡಿದೆ. ರೈತರು ತಮ್ಮ ವಿವಿಧ ಕೃಷಿ ಬೆಳೆಗಳಿಗೆ ಬೆಳೆ ವಿಮೆ ಮಾಡಿಸಿಕೊಳ್ಳಬಹುದು. ಹತ್ತಿ, ಜೋಳ, ಮೆಕ್ಕೆಜೋಳ, ಸಜ್ಜೆ, ಶೇಂಗಾ ಮತ್ತು ಭತ್ತ ಬೆಳೆಗಳಿಗೆ ಆಗಸ್ಟ್ 16 ಕೊನೆಯ ದಿನ. ಹೆಚ್ಚಿನ ಮಾಹಿತಿಗಾಗಿ ಹತ್ತಿರದ ರೈತ ಸಂಪರ್ಕ ಕೇಂದ್ರ ಅಥವಾ ಮೊ.7996453241 ಸಂಪರ್ಕಿಸಬಹುದು ಎಂದು ಪ್ರಕಟಣೆಯಲ್ಲಿ ತಿಳಿಸಿದ್ದಾರೆ.
Suvarna vaahini Kannada Daily, Owner/Editor : V.Ravi, Published at: ( Responsible for selection of news under the PRB Act), Printed:V.Ravi,
Publication: SHREE SHAILA PRINTERS, opp.Eranna Gudi Road,Eslampura,Gangavathi - 581227. Koppal Dist.Karnataka. RNI NO:KARKAN/2022/82651
